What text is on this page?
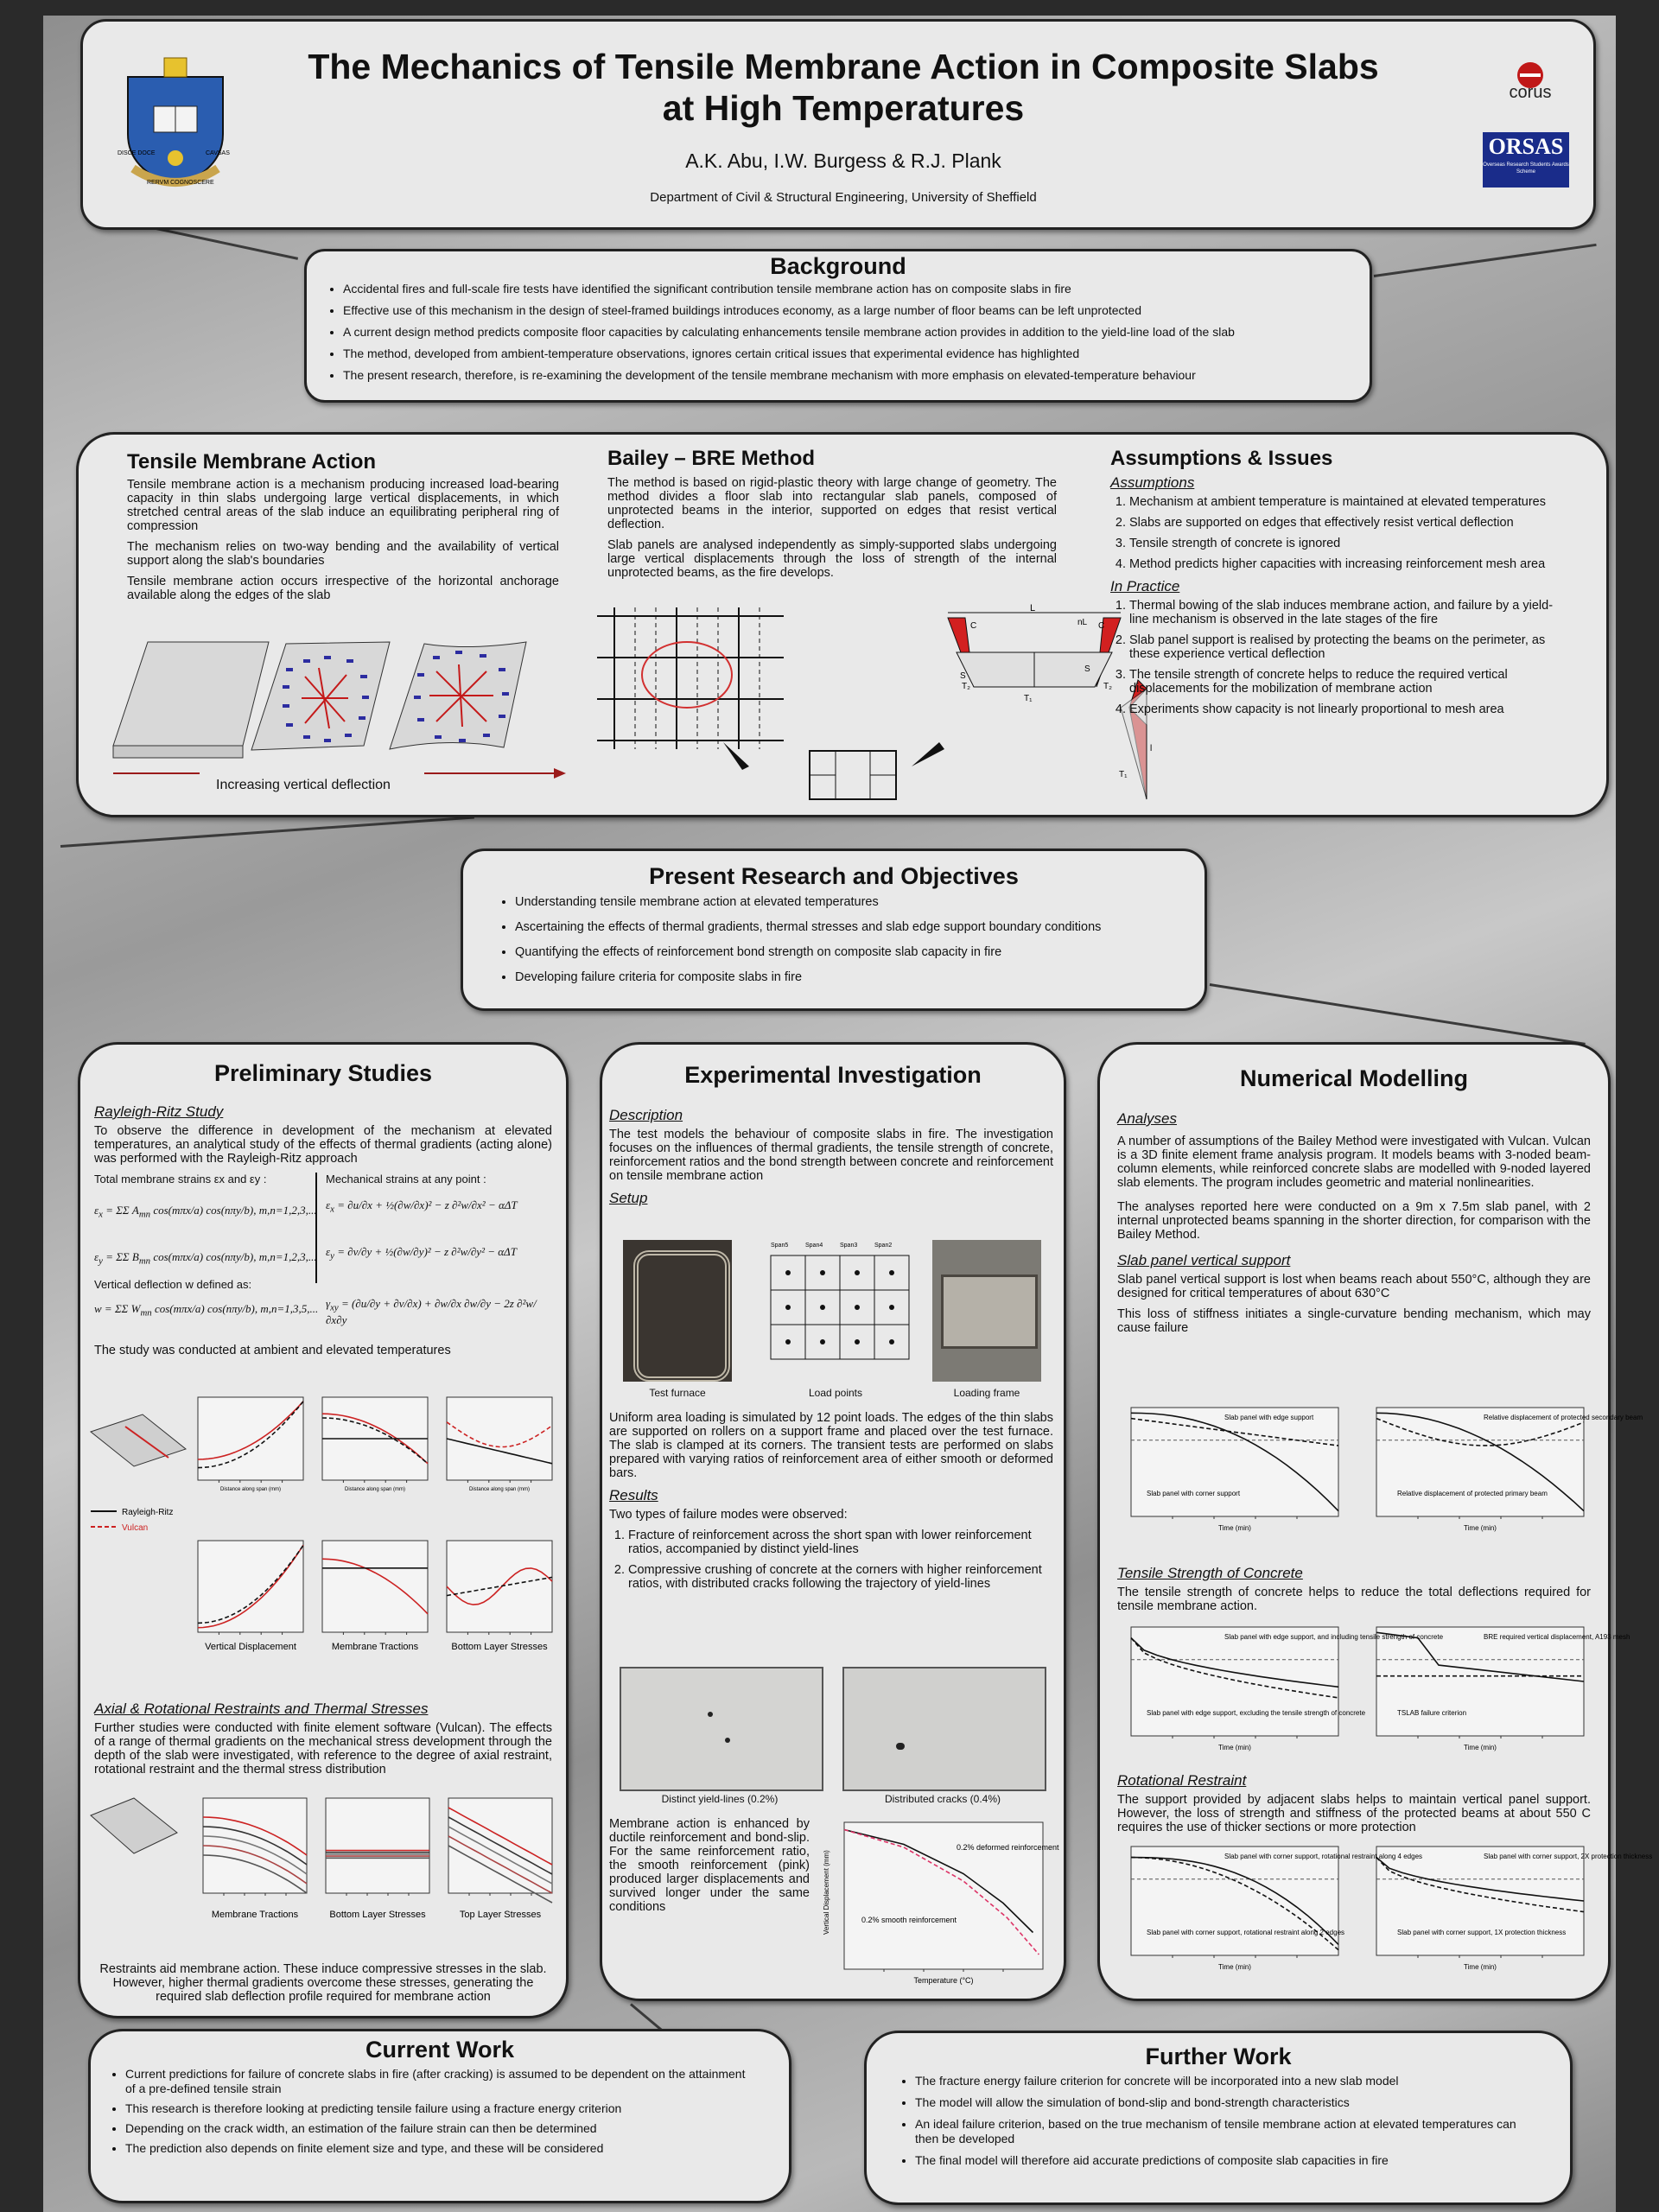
DISCE DOCE	CAVSAS
RERVM COGNOSCERE
The Mechanics of Tensile Membrane Action in Composite Slabs
at High Temperatures
A.K. Abu, I.W. Burgess & R.J. Plank
Department of Civil & Structural Engineering, University of Sheffield
corus
ORSAS
Overseas Research Students Awards Scheme
Background
• Accidental fires and full-scale fire tests have identified the significant contribution tensile membrane action has on composite slabs in fire
• Effective use of this mechanism in the design of steel-framed buildings introduces economy, as a large number of floor beams can be left unprotected
• A current design method predicts composite floor capacities by calculating enhancements tensile membrane action provides in addition to the yield-line load of the slab
• The method, developed from ambient-temperature observations, ignores certain critical issues that experimental evidence has highlighted
• The present research, therefore, is re-examining the development of the tensile membrane mechanism with more emphasis on elevated-temperature behaviour
Tensile Membrane Action

Tensile membrane action is a mechanism producing increased load-bearing capacity in thin slabs undergoing large vertical displacements, in which stretched central areas of the slab induce an equilibrating peripheral ring of compression

The mechanism relies on two-way bending and the availability of vertical support along the slab's boundaries

Tensile membrane action occurs irrespective of the horizontal anchorage available along the edges of the slab

Increasing vertical deflection
Bailey – BRE Method

The method is based on rigid-plastic theory with large change of geometry. The method divides a floor slab into rectangular slab panels, composed of unprotected beams in the interior, supported on edges that resist vertical deflection.

Slab panels are analysed independently as simply-supported slabs undergoing large vertical displacements through the loss of strength of the internal unprotected beams, as the fire develops.

L
nL
C	C
S
S
T₂	T₂
T₁
l
T₁
Assumptions & Issues
Assumptions
1. Mechanism at ambient temperature is maintained at elevated temperatures
2. Slabs are supported on edges that effectively resist vertical deflection
3. Tensile strength of concrete is ignored
4. Method predicts higher capacities with increasing reinforcement mesh area
In Practice
1. Thermal bowing of the slab induces membrane action, and failure by a yield-line mechanism is observed in the late stages of the fire
2. Slab panel support is realised by protecting the beams on the perimeter, as these experience vertical deflection
3. The tensile strength of concrete helps to reduce the required vertical displacements for the mobilization of membrane action
4. Experiments show capacity is not linearly proportional to mesh area
Present Research and Objectives
• Understanding tensile membrane action at elevated temperatures
• Ascertaining the effects of thermal gradients, thermal stresses and slab edge support boundary conditions
• Quantifying the effects of reinforcement bond strength on composite slab capacity in fire
• Developing failure criteria for composite slabs in fire
Preliminary Studies
Rayleigh-Ritz Study

To observe the difference in development of the mechanism at elevated temperatures, an analytical study of the effects of thermal gradients (acting alone) was performed with the Rayleigh-Ritz approach

Total membrane strains εx and εy :	Mechanical strains at any point :
$\varepsilon_x = \Sigma\Sigma$ $A_{mn}$ cos(mπx/a) cos(nπy/b), m,n=1,2,3,...
$\varepsilon_y = \Sigma\Sigma$ $B_{mn}$ cos(mπx/a) cos(nπy/b), m,n=1,2,3,...
$\varepsilon_x = \partial u/\partial x$ + ½(∂w/∂x)² − z ∂²w/∂x² − αΔT
$\varepsilon_y = \partial v/\partial y$ + ½(∂w/∂y)² − z ∂²w/∂y² − αΔT
Vertical deflection w defined as:
w = ΣΣ $W_{mn}$ cos(mπx/a) cos(nπy/b), m,n=1,3,5,... $\gamma_{xy} = (\partial u/\partial y + \partial v/\partial x) + \partial w/\partial x$ ∂w/∂y − 2z ∂²w/∂x∂y

The study was conducted at ambient and elevated temperatures

Rayleigh-Ritz
Vulcan
Vertical Displacement	Membrane Tractions	Bottom Layer Stresses
Distance along span (mm)	Distance along span (mm)	Distance along span (mm)
Axial & Rotational Restraints and Thermal Stresses

Further studies were conducted with finite element software (Vulcan). The effects of a range of thermal gradients on the mechanical stress development through the depth of the slab were investigated, with reference to the degree of axial restraint, rotational restraint and the thermal stress distribution

Membrane Tractions	Bottom Layer Stresses	Top Layer Stresses

Restraints aid membrane action. These induce compressive stresses in the slab. However, higher thermal gradients overcome these stresses, generating the required slab deflection profile required for membrane action

Experimental Investigation
Description

The test models the behaviour of composite slabs in fire. The investigation focuses on the influences of thermal gradients, the tensile strength of concrete, reinforcement ratios and the bond strength between concrete and reinforcement on tensile membrane action

Setup
Span5	Span4	Span3	Span2
Test furnace	Load points	Loading frame

Uniform area loading is simulated by 12 point loads. The edges of the thin slabs are supported on rollers on a support frame and placed over the test furnace. The slab is clamped at its corners. The transient tests are performed on slabs prepared with varying ratios of reinforcement area of either smooth or deformed bars.

Results

Two types of failure modes were observed:

1. Fracture of reinforcement across the short span with lower reinforcement ratios, accompanied by distinct yield-lines
2. Compressive crushing of concrete at the corners with higher reinforcement ratios, with distributed cracks following the trajectory of yield-lines
Distinct yield-lines (0.2%)	Distributed cracks (0.4%)

Membrane action is enhanced by ductile reinforcement and bond-slip. For the same reinforcement ratio, the smooth reinforcement (pink) produced larger displacements and survived longer under the same conditions

0.2% deformed reinforcement
0.2% smooth reinforcement
Temperature (°C)
Vertical Displacement (mm)
Numerical Modelling
Analyses

A number of assumptions of the Bailey Method were investigated with Vulcan. Vulcan is a 3D finite element frame analysis program. It models beams with 3-noded beam-column elements, while reinforced concrete slabs are modelled with 9-noded layered slab elements. The program includes geometric and material nonlinearities.

The analyses reported here were conducted on a 9m x 7.5m slab panel, with 2 internal unprotected beams spanning in the shorter direction, for comparison with the Bailey Method.

Slab panel vertical support

Slab panel vertical support is lost when beams reach about 550°C, although they are designed for critical temperatures of about 630°C

This loss of stiffness initiates a single-curvature bending mechanism, which may cause failure

Slab panel with edge support
Slab panel with corner support
Relative displacement of protected secondary beam
Relative displacement of protected primary beam
Time (min)	Time (min)
Tensile Strength of Concrete

The tensile strength of concrete helps to reduce the total deflections required for tensile membrane action.

Slab panel with edge support, and including tensile strength of concrete
Slab panel with edge support, excluding the tensile strength of concrete
BRE required vertical displacement, A193 mesh
TSLAB failure criterion
Time (min)	Time (min)
Rotational Restraint

The support provided by adjacent slabs helps to maintain vertical panel support. However, the loss of strength and stiffness of the protected beams at about 550 C requires the use of thicker sections or more protection

Slab panel with corner support, rotational restraint along 4 edges
Slab panel with corner support, rotational restraint along 2 edges
Slab panel with corner support, 2X protection thickness
Slab panel with corner support, 1X protection thickness
Time (min)	Time (min)
Current Work
• Current predictions for failure of concrete slabs in fire (after cracking) is assumed to be dependent on the attainment of a pre-defined tensile strain
• This research is therefore looking at predicting tensile failure using a fracture energy criterion
• Depending on the crack width, an estimation of the failure strain can then be determined
• The prediction also depends on finite element size and type, and these will be considered
Further Work
• The fracture energy failure criterion for concrete will be incorporated into a new slab model
• The model will allow the simulation of bond-slip and bond-strength characteristics
• An ideal failure criterion, based on the true mechanism of tensile membrane action at elevated temperatures can then be developed
• The final model will therefore aid accurate predictions of composite slab capacities in fire
